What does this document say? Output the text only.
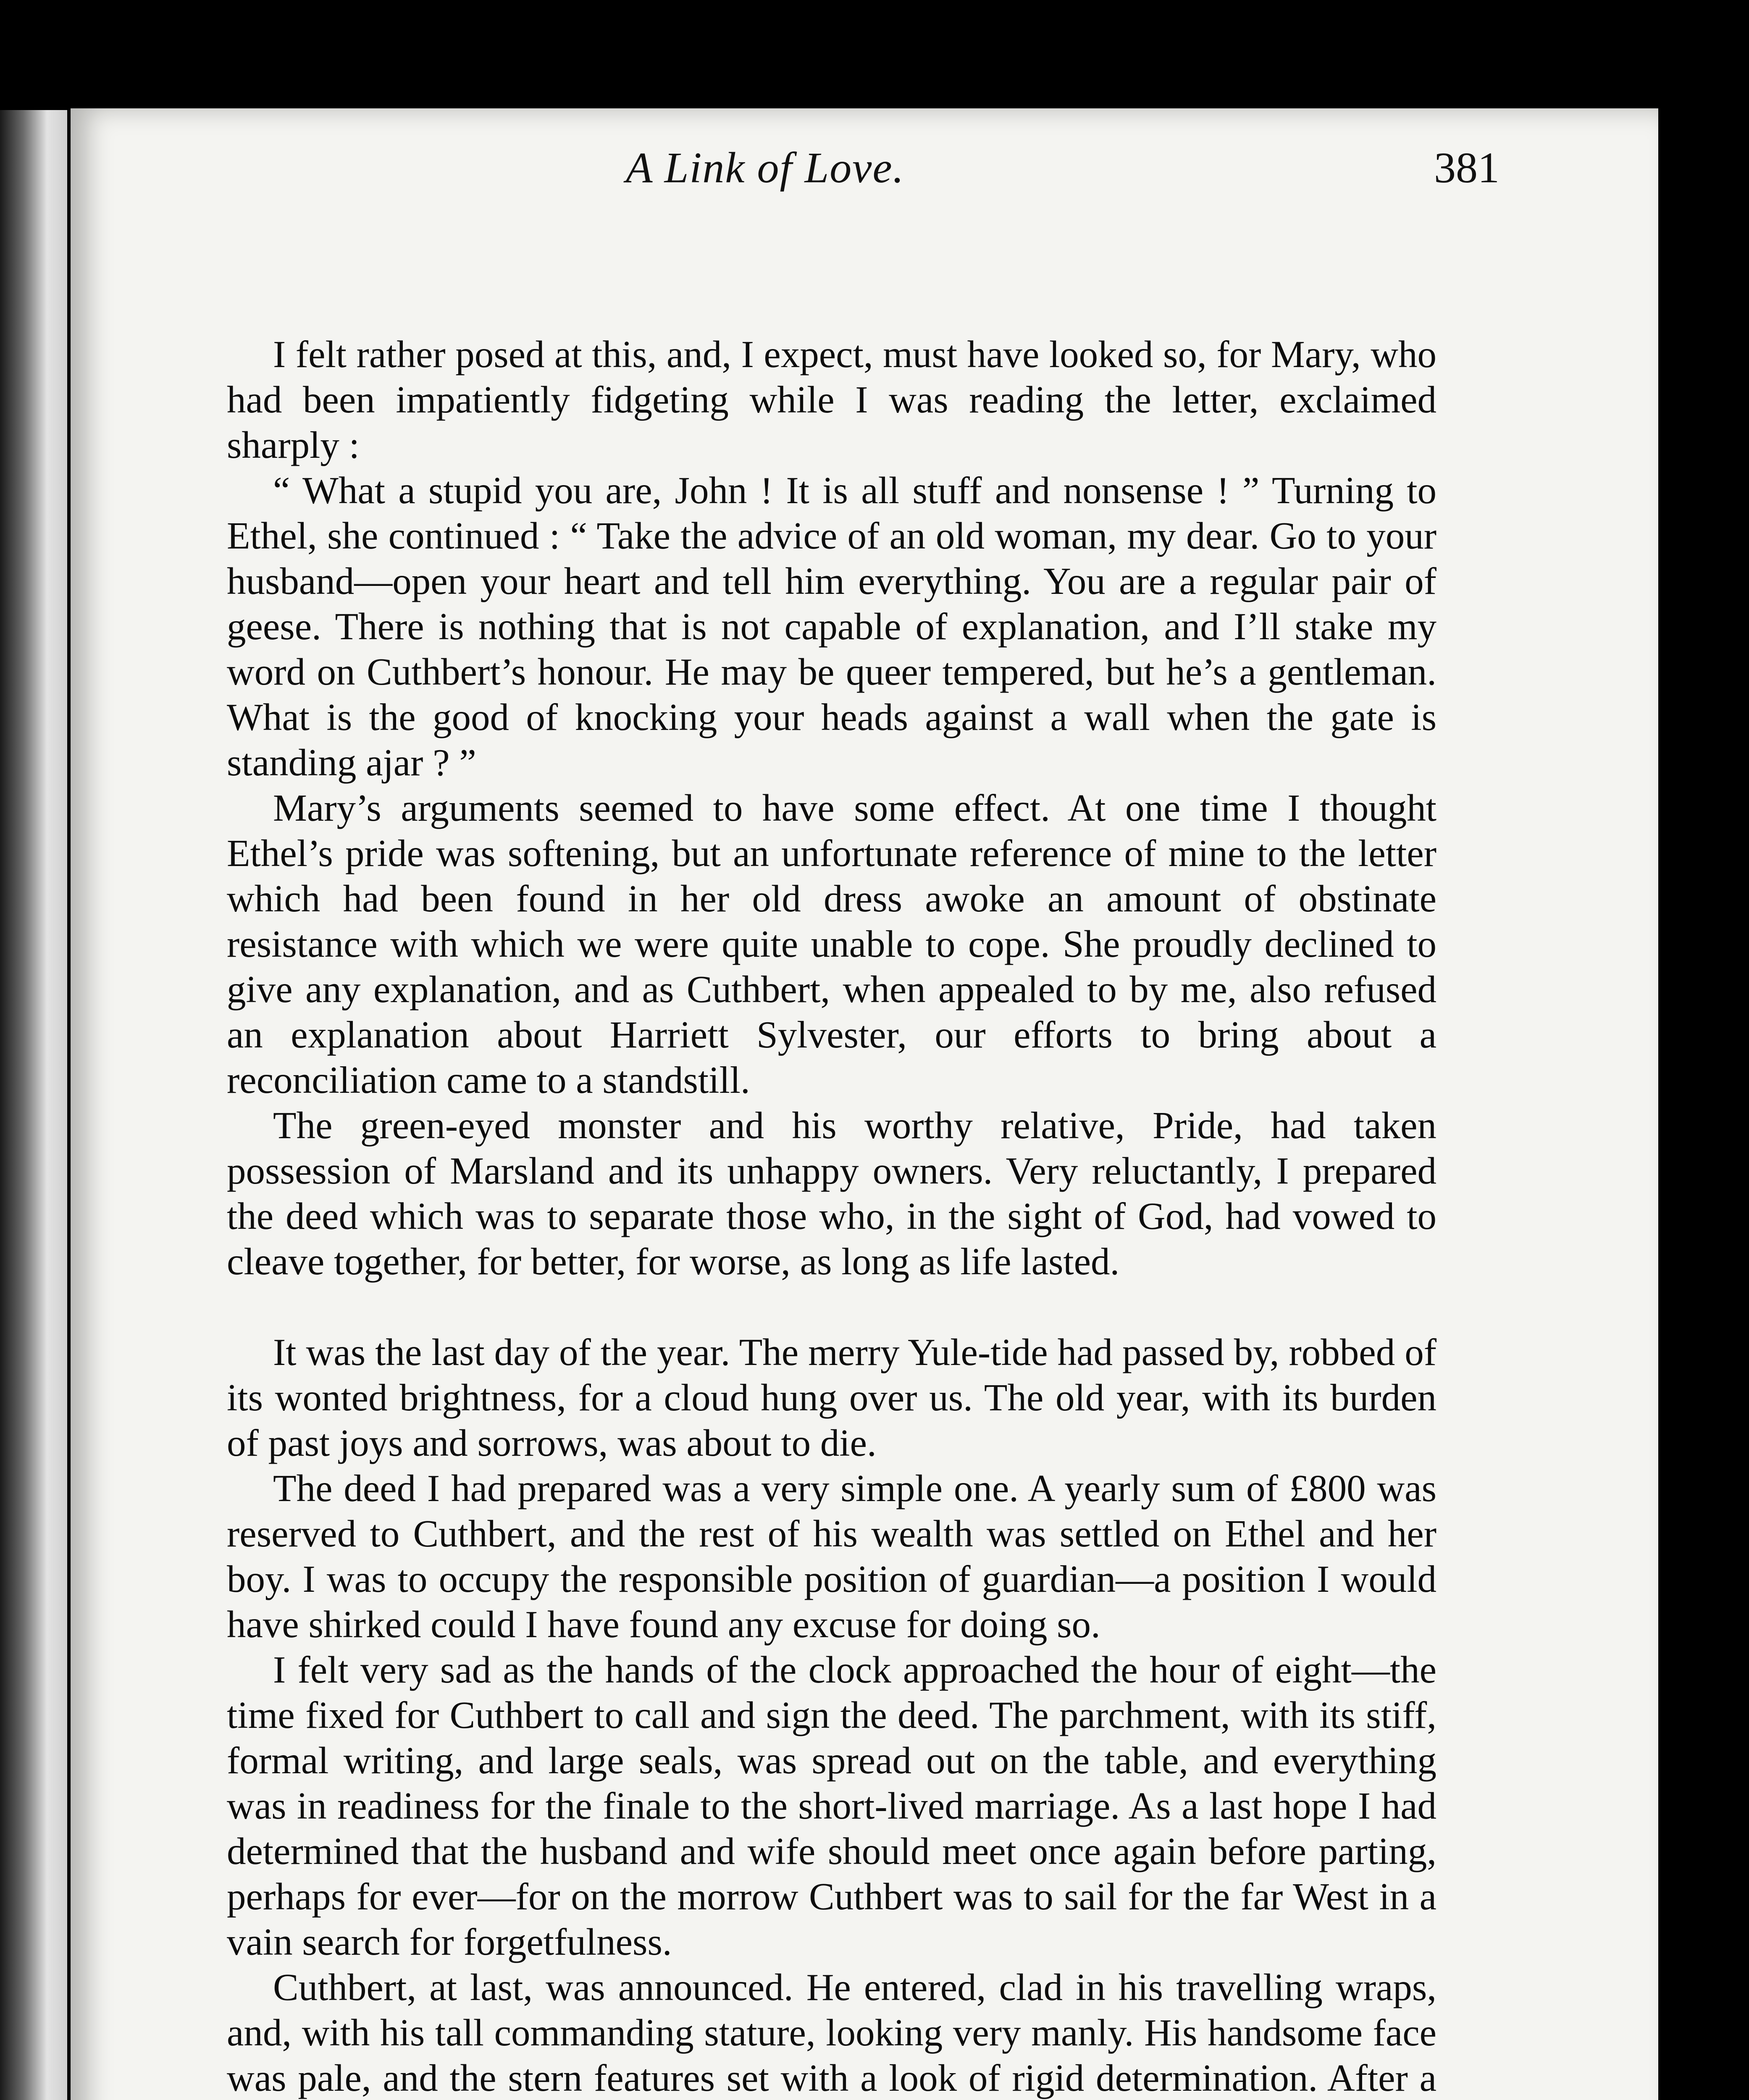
A Link of Love.	381

I felt rather posed at this, and, I expect, must have looked so, for Mary, who had been impatiently fidgeting while I was reading the letter, exclaimed sharply :

“ What a stupid you are, John ! It is all stuff and nonsense ! ” Turning to Ethel, she continued : “ Take the advice of an old woman, my dear. Go to your husband—open your heart and tell him everything. You are a regular pair of geese. There is nothing that is not capable of explanation, and I’ll stake my word on Cuthbert’s honour. He may be queer tempered, but he’s a gentleman. What is the good of knocking your heads against a wall when the gate is standing ajar ? ”

Mary’s arguments seemed to have some effect. At one time I thought Ethel’s pride was softening, but an unfortunate reference of mine to the letter which had been found in her old dress awoke an amount of obstinate resistance with which we were quite unable to cope. She proudly declined to give any explanation, and as Cuthbert, when appealed to by me, also refused an explanation about Harriett Sylvester, our efforts to bring about a reconciliation came to a standstill.

The green-eyed monster and his worthy relative, Pride, had taken possession of Marsland and its unhappy owners. Very reluctantly, I prepared the deed which was to separate those who, in the sight of God, had vowed to cleave together, for better, for worse, as long as life lasted.

It was the last day of the year. The merry Yule-tide had passed by, robbed of its wonted brightness, for a cloud hung over us. The old year, with its burden of past joys and sorrows, was about to die.

The deed I had prepared was a very simple one. A yearly sum of £800 was reserved to Cuthbert, and the rest of his wealth was settled on Ethel and her boy. I was to occupy the responsible position of guardian—a position I would have shirked could I have found any excuse for doing so.

I felt very sad as the hands of the clock approached the hour of eight—the time fixed for Cuthbert to call and sign the deed. The parchment, with its stiff, formal writing, and large seals, was spread out on the table, and everything was in readiness for the finale to the short-lived marriage. As a last hope I had determined that the husband and wife should meet once again before parting, perhaps for ever—for on the morrow Cuthbert was to sail for the far West in a vain search for forgetfulness.

Cuthbert, at last, was announced. He entered, clad in his travelling wraps, and, with his tall commanding stature, looking very manly. His handsome face was pale, and the stern features set with a look of rigid determination. After a
